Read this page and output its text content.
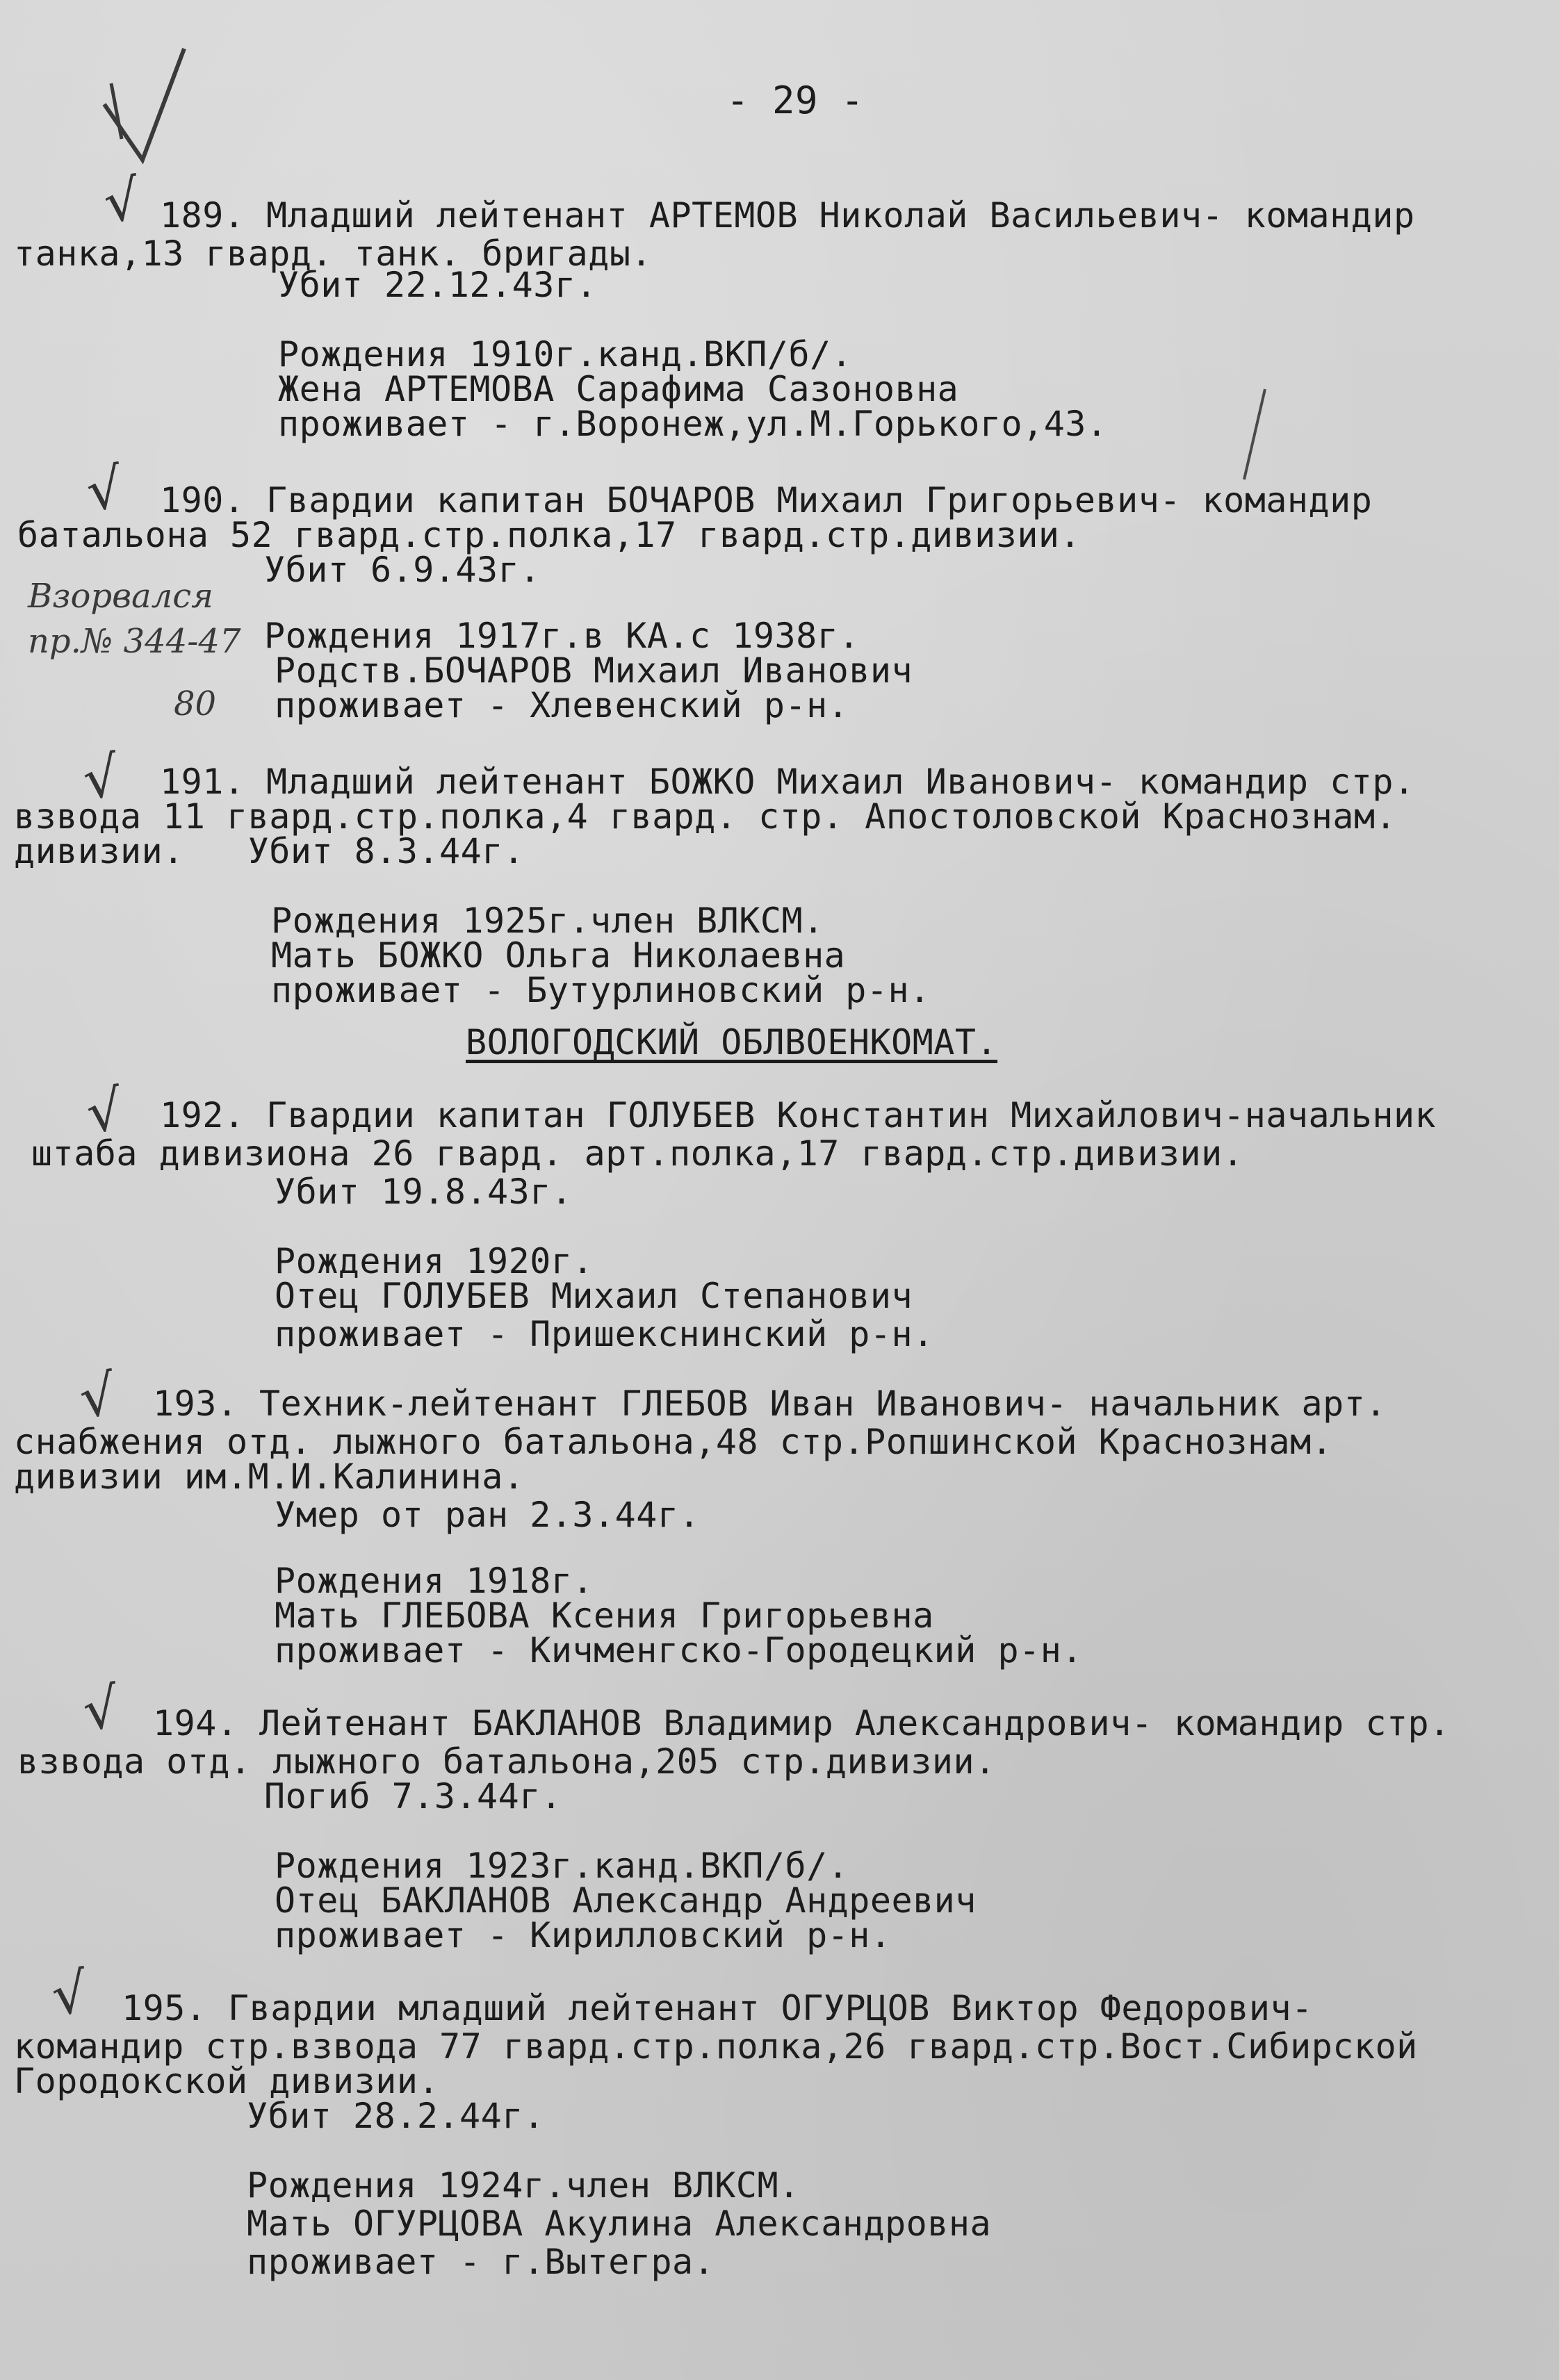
- 29 -
√
√
√
√
√
√
√
Взорвался
пр.№ 344-47
80
189. Младший лейтенант АРТЕМОВ Николай Васильевич- командир
танка,13 гвард. танк. бригады.
Убит 22.12.43г.
Рождения 1910г.канд.ВКП/б/.
Жена АРТЕМОВА Сарафима Сазоновна
проживает - г.Воронеж,ул.М.Горького,43.
190. Гвардии капитан БОЧАРОВ Михаил Григорьевич- командир
батальона 52 гвард.стр.полка,17 гвард.стр.дивизии.
Убит 6.9.43г.
Рождения 1917г.в КА.с 1938г.
Родств.БОЧАРОВ Михаил Иванович
проживает - Хлевенский р-н.
191. Младший лейтенант БОЖКО Михаил Иванович- командир стр.
взвода 11 гвард.стр.полка,4 гвард. стр. Апостоловской Краснознам.
дивизии.   Убит 8.3.44г.
Рождения 1925г.член ВЛКСМ.
Мать БОЖКО Ольга Николаевна
проживает - Бутурлиновский р-н.
ВОЛОГОДСКИЙ ОБЛВОЕНКОМАТ.
192. Гвардии капитан ГОЛУБЕВ Константин Михайлович-начальник
штаба дивизиона 26 гвард. арт.полка,17 гвард.стр.дивизии.
Убит 19.8.43г.
Рождения 1920г.
Отец ГОЛУБЕВ Михаил Степанович
проживает - Пришекснинский р-н.
193. Техник-лейтенант ГЛЕБОВ Иван Иванович- начальник арт.
снабжения отд. лыжного батальона,48 стр.Ропшинской Краснознам.
дивизии им.М.И.Калинина.
Умер от ран 2.3.44г.
Рождения 1918г.
Мать ГЛЕБОВА Ксения Григорьевна
проживает - Кичменгско-Городецкий р-н.
194. Лейтенант БАКЛАНОВ Владимир Александрович- командир стр.
взвода отд. лыжного батальона,205 стр.дивизии.
Погиб 7.3.44г.
Рождения 1923г.канд.ВКП/б/.
Отец БАКЛАНОВ Александр Андреевич
проживает - Кирилловский р-н.
195. Гвардии младший лейтенант ОГУРЦОВ Виктор Федорович-
командир стр.взвода 77 гвард.стр.полка,26 гвард.стр.Вост.Сибирской
Городокской дивизии.
Убит 28.2.44г.
Рождения 1924г.член ВЛКСМ.
Мать ОГУРЦОВА Акулина Александровна
проживает - г.Вытегра.
